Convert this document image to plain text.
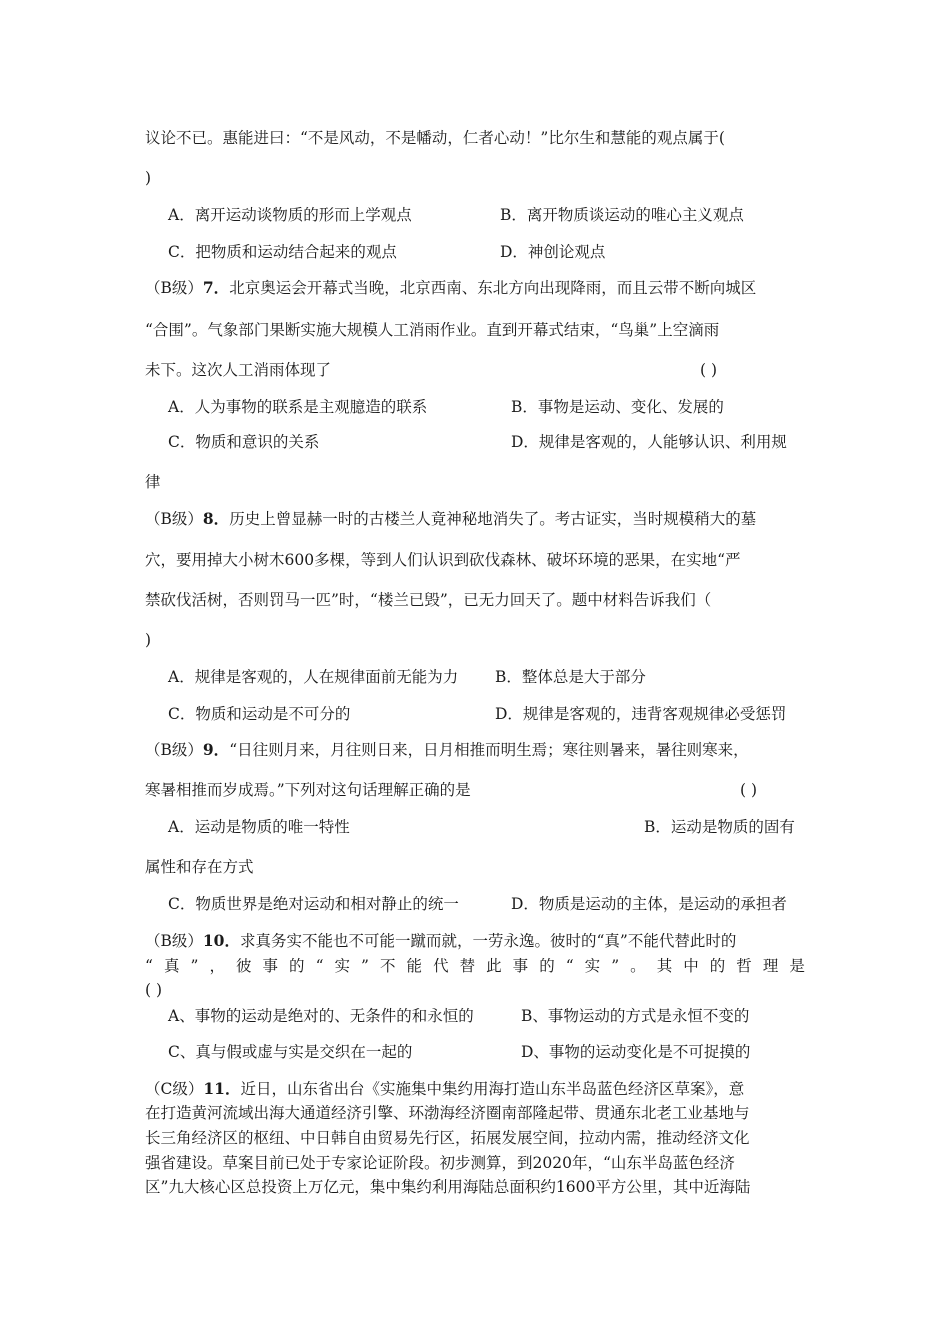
议论不已。惠能进曰：“不是风动，不是幡动，仁者心动！”比尔生和慧能的观点属于(
)
A．离开运动谈物质的形而上学观点	B．离开物质谈运动的唯心主义观点
C．把物质和运动结合起来的观点	D．神创论观点
（B级）7．北京奥运会开幕式当晚，北京西南、东北方向出现降雨，而且云带不断向城区
“合围”。气象部门果断实施大规模人工消雨作业。直到开幕式结束，“鸟巢”上空滴雨
未下。这次人工消雨体现了	( )
A．人为事物的联系是主观臆造的联系	B．事物是运动、变化、发展的
C．物质和意识的关系	D．规律是客观的，人能够认识、利用规
律
（B级）8．历史上曾显赫一时的古楼兰人竟神秘地消失了。考古证实，当时规模稍大的墓
穴，要用掉大小树木600多棵，等到人们认识到砍伐森林、破坏环境的恶果，在实地“严
禁砍伐活树，否则罚马一匹”时，“楼兰已毁”，已无力回天了。题中材料告诉我们（
)
A．规律是客观的，人在规律面前无能为力 B．整体总是大于部分
C．物质和运动是不可分的	D．规律是客观的，违背客观规律必受惩罚
（B级）9．“日往则月来，月往则日来，日月相推而明生焉；寒往则暑来，暑往则寒来，
寒暑相推而岁成焉。”下列对这句话理解正确的是	( )
A．运动是物质的唯一特性	B．运动是物质的固有
属性和存在方式
C．物质世界是绝对运动和相对静止的统一	D．物质是运动的主体，是运动的承担者
（B级）10．求真务实不能也不可能一蹴而就，一劳永逸。彼时的“真”不能代替此时的
“ 真 ” ， 彼 事 的 “ 实 ” 不 能 代 替 此 事 的 “ 实 ” 。 其 中 的 哲 理 是
( )
A、事物的运动是绝对的、无条件的和永恒的	B、事物运动的方式是永恒不变的
C、真与假或虚与实是交织在一起的	D、事物的运动变化是不可捉摸的
（C级）11．近日，山东省出台《实施集中集约用海打造山东半岛蓝色经济区草案》，意
在打造黄河流域出海大通道经济引擎、环渤海经济圈南部隆起带、贯通东北老工业基地与
长三角经济区的枢纽、中日韩自由贸易先行区，拓展发展空间，拉动内需，推动经济文化
强省建设。草案目前已处于专家论证阶段。初步测算，到2020年，“山东半岛蓝色经济
区”九大核心区总投资上万亿元，集中集约利用海陆总面积约1600平方公里，其中近海陆
